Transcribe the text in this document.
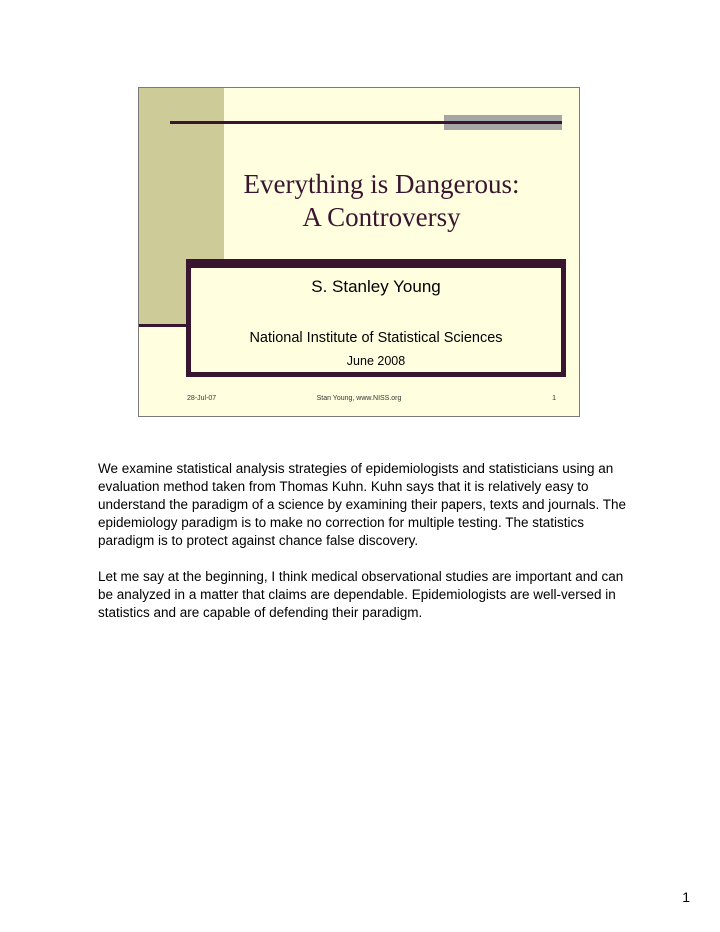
Everything is Dangerous:
A Controversy
S. Stanley Young
National Institute of Statistical Sciences
June 2008
28-Jul-07	Stan Young, www.NISS.org	1

We examine statistical analysis strategies of epidemiologists and statisticians using an evaluation method taken from Thomas Kuhn. Kuhn says that it is relatively easy to understand the paradigm of a science by examining their papers, texts and journals. The epidemiology paradigm is to make no correction for multiple testing. The statistics paradigm is to protect against chance false discovery.

Let me say at the beginning, I think medical observational studies are important and can be analyzed in a matter that claims are dependable. Epidemiologists are well-versed in statistics and are capable of defending their paradigm.

1
